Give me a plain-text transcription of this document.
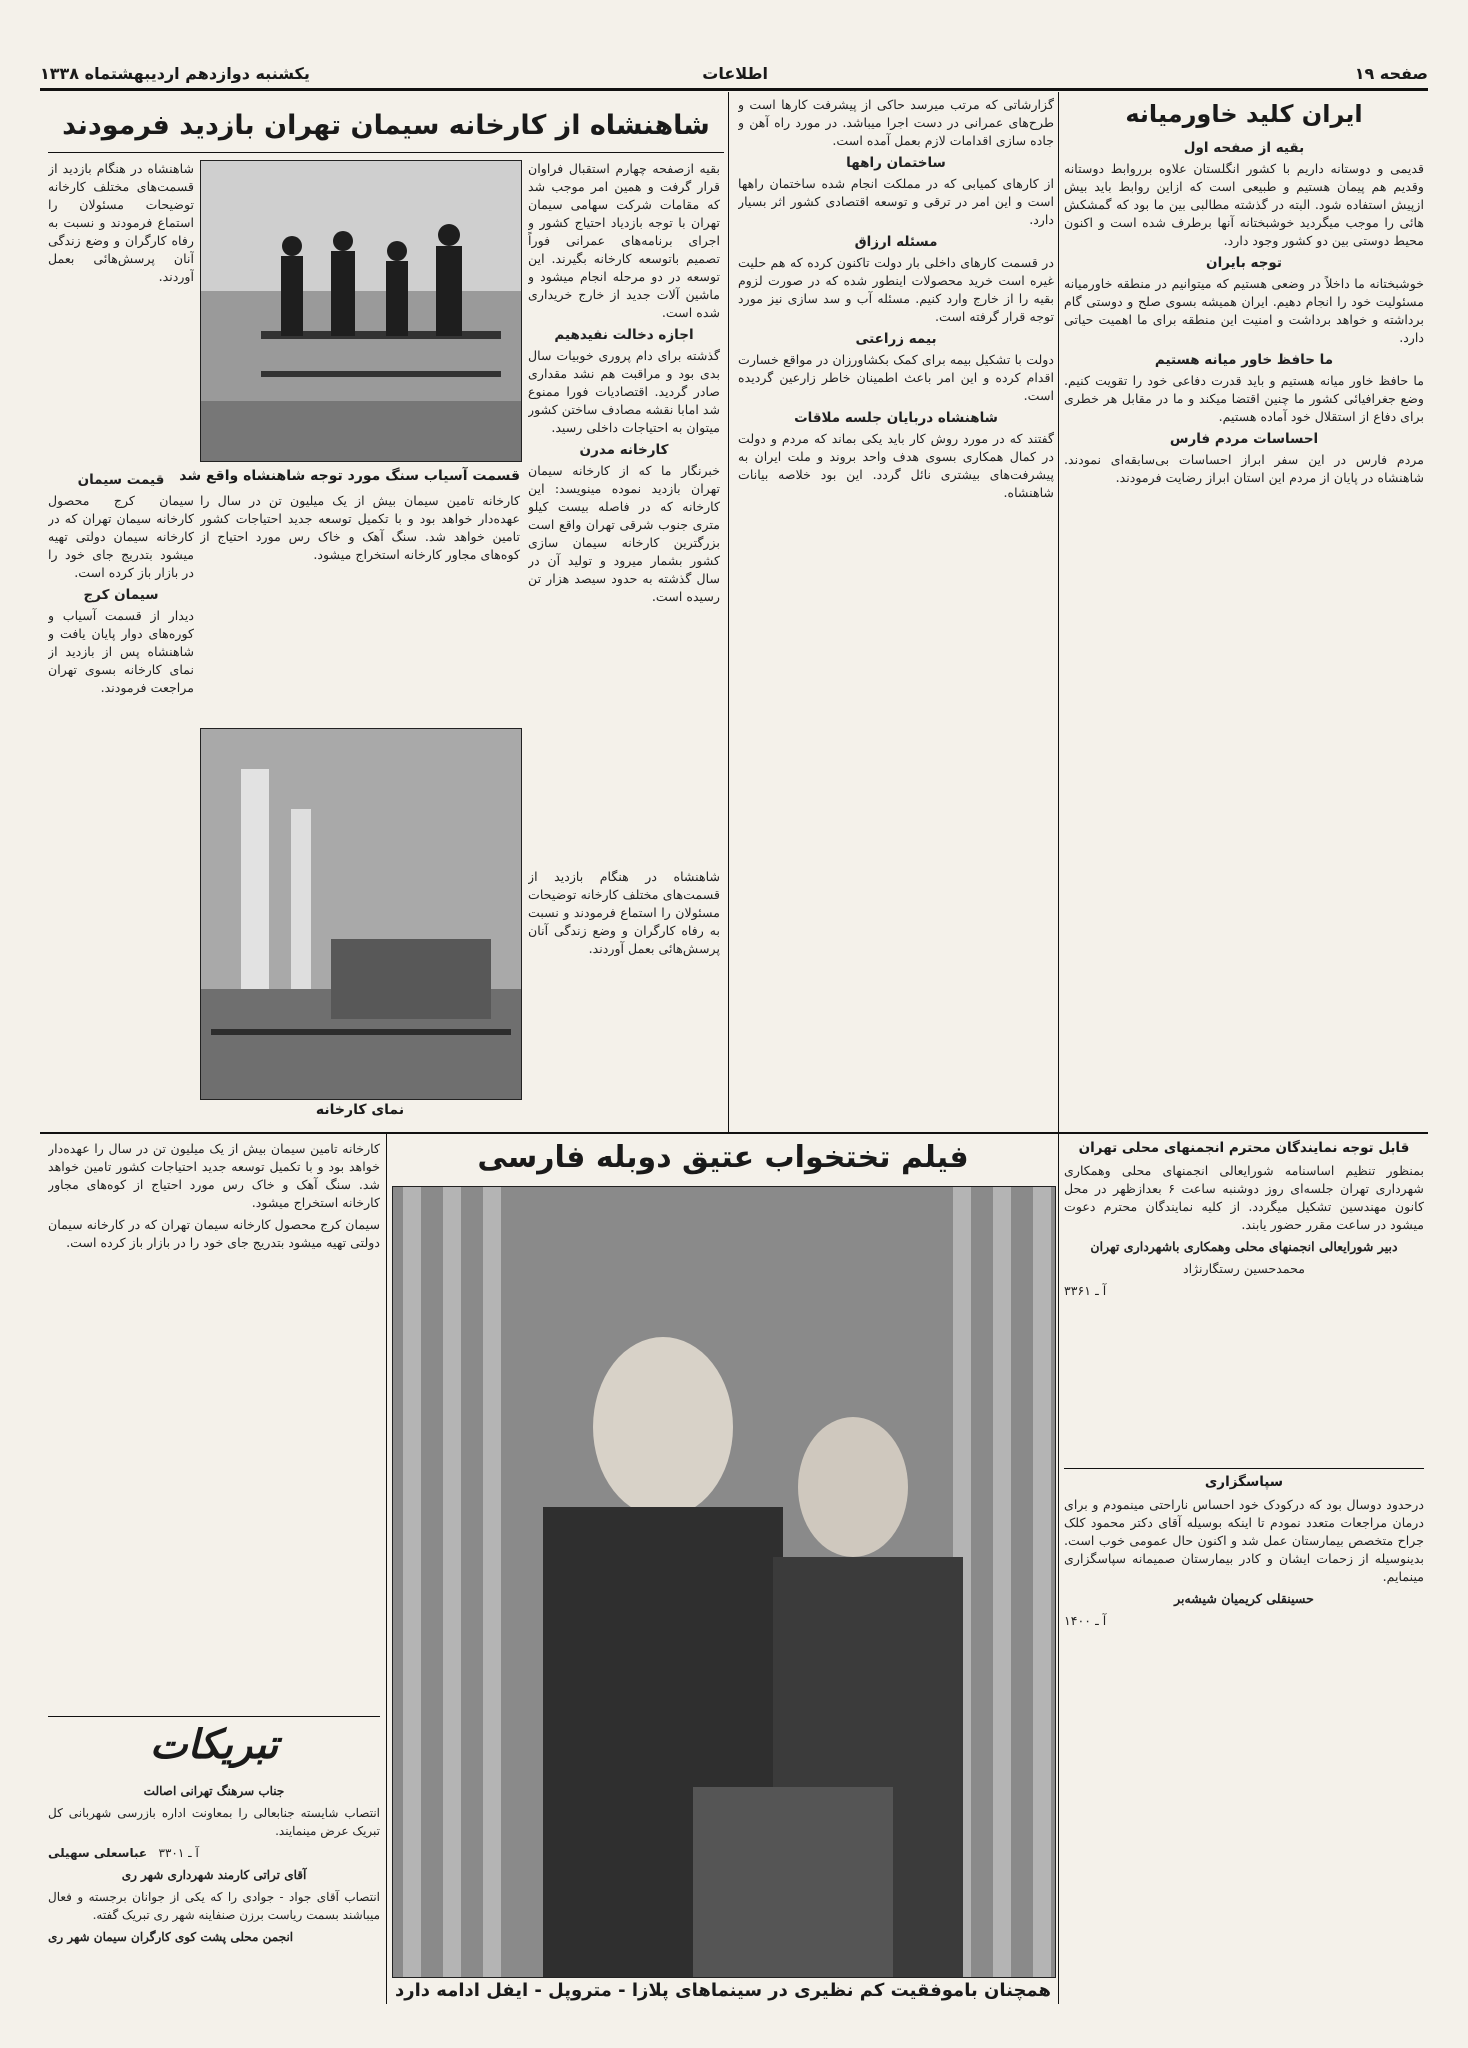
صفحه ۱۹
اطلاعات
یکشنبه دوازدهم اردیبهشتماه ۱۳۳۸
ایران کلید خاورمیانه
بقیه از صفحه اول

قدیمی و دوستانه داریم با کشور انگلستان علاوه برروابط دوستانه وقدیم هم پیمان هستیم و طبیعی است که ازاین روابط باید بیش ازپیش استفاده شود. البته در گذشته مطالبی بین ما بود که گمشکش هائی را موجب میگردید خوشبختانه آنها برطرف شده است و اکنون محیط دوستی بین دو کشور وجود دارد.

توجه بایران

خوشبختانه ما داخلاً در وضعی هستیم که میتوانیم در منطقه خاورمیانه مسئولیت خود را انجام دهیم. ایران همیشه بسوی صلح و دوستی گام برداشته و خواهد برداشت و امنیت این منطقه برای ما اهمیت حیاتی دارد.

ما حافظ خاور میانه هستیم

ما حافظ خاور میانه هستیم و باید قدرت دفاعی خود را تقویت کنیم. وضع جغرافیائی کشور ما چنین اقتضا میکند و ما در مقابل هر خطری برای دفاع از استقلال خود آماده هستیم.

احساسات مردم فارس

مردم فارس در این سفر ابراز احساسات بی‌سابقه‌ای نمودند. شاهنشاه در پایان از مردم این استان ابراز رضایت فرمودند.

گزارشاتی که مرتب میرسد حاکی از پیشرفت کارها است و طرح‌های عمرانی در دست اجرا میباشد. در مورد راه آهن و جاده سازی اقدامات لازم بعمل آمده است.

ساختمان راهها

از کارهای کمیابی که در مملکت انجام شده ساختمان راهها است و این امر در ترقی و توسعه اقتصادی کشور اثر بسیار دارد.

مسئله ارزاق

در قسمت کارهای داخلی بار دولت تاکنون کرده که هم حلیت غیره است خرید محصولات اینطور شده که در صورت لزوم بقیه را از خارج وارد کنیم. مسئله آب و سد سازی نیز مورد توجه قرار گرفته است.

بیمه زراعتی

دولت با تشکیل بیمه برای کمک بکشاورزان در مواقع خسارت اقدام کرده و این امر باعث اطمینان خاطر زارعین گردیده است.

شاهنشاه دربایان جلسه ملاقات

گفتند که در مورد روش کار باید یکی بماند که مردم و دولت در کمال همکاری بسوی هدف واحد بروند و ملت ایران به پیشرفت‌های بیشتری نائل گردد. این بود خلاصه بیانات شاهنشاه.

شاهنشاه از کارخانه سیمان تهران بازدید فرمودند

بقیه ازصفحه چهارم استقبال فراوان قرار گرفت و همین امر موجب شد که مقامات شرکت سهامی سیمان تهران با توجه بازدیاد احتیاج کشور و اجرای برنامه‌های عمرانی فوراً تصمیم باتوسعه کارخانه بگیرند. این توسعه در دو مرحله انجام میشود و ماشین آلات جدید از خارج خریداری شده است.

اجازه دخالت نفیدهیم

گذشته برای دام پروری خوبیات سال بدی بود و مراقبت هم نشد مقداری صادر گردید. اقتصادیات فورا ممنوع شد امابا نقشه مصادف ساختن کشور میتوان به احتیاجات داخلی رسید.

کارخانه مدرن

خبرنگار ما که از کارخانه سیمان تهران بازدید نموده مینویسد: این کارخانه که در فاصله بیست کیلو متری جنوب شرقی تهران واقع است بزرگترین کارخانه سیمان سازی کشور بشمار میرود و تولید آن در سال گذشته به حدود سیصد هزار تن رسیده است.

شاهنشاه در هنگام بازدید از قسمت‌های مختلف کارخانه توضیحات مسئولان را استماع فرمودند و نسبت به رفاه کارگران و وضع زندگی آنان پرسش‌هائی بعمل آوردند.

قسمت آسیاب سنگ مورد توجه شاهنشاه واقع شد

کارخانه تامین سیمان بیش از یک میلیون تن در سال را عهده‌دار خواهد بود و با تکمیل توسعه جدید احتیاجات کشور تامین خواهد شد. سنگ آهک و خاک رس مورد احتیاج از کوه‌های مجاور کارخانه استخراج میشود.

نمای کارخانه
قیمت سیمان

سیمان کرج محصول کارخانه سیمان تهران که در کارخانه سیمان دولتی تهیه میشود بتدریج جای خود را در بازار باز کرده است.

سیمان کرج

دیدار از قسمت آسیاب و کوره‌های دوار پایان یافت و شاهنشاه پس از بازدید از نمای کارخانه بسوی تهران مراجعت فرمودند.

شاهنشاه در هنگام بازدید از قسمت‌های مختلف کارخانه توضیحات مسئولان را استماع فرمودند و نسبت به رفاه کارگران و وضع زندگی آنان پرسش‌هائی بعمل آوردند.

قابل توجه نمایندگان محترم انجمنهای محلی تهران

بمنظور تنظیم اساسنامه شورایعالی انجمنهای محلی وهمکاری شهرداری تهران جلسه‌ای روز دوشنبه ساعت ۶ بعدازظهر در محل کانون مهندسین تشکیل میگردد. از کلیه نمایندگان محترم دعوت میشود در ساعت مقرر حضور یابند.

دبیر شورایعالی انجمنهای محلی وهمکاری باشهرداری تهران

محمدحسین رستگارنژاد

آ ـ ۳۳۶۱

سپاسگزاری

درحدود دوسال بود که درکودک خود احساس ناراحتی مینمودم و برای درمان مراجعات متعدد نمودم تا اینکه بوسیله آقای دکتر محمود کلک جراح متخصص بیمارستان عمل شد و اکنون حال عمومی خوب است. بدینوسیله از زحمات ایشان و کادر بیمارستان صمیمانه سپاسگزاری مینمایم.

حسینقلی کریمیان شیشه‌بر

آ ـ ۱۴۰۰

فیلم تختخواب عتیق دوبله فارسی
همچنان باموفقیت کم نظیری در سینماهای پلازا - متروپل - ایفل ادامه دارد

کارخانه تامین سیمان بیش از یک میلیون تن در سال را عهده‌دار خواهد بود و با تکمیل توسعه جدید احتیاجات کشور تامین خواهد شد. سنگ آهک و خاک رس مورد احتیاج از کوه‌های مجاور کارخانه استخراج میشود.

سیمان کرج محصول کارخانه سیمان تهران که در کارخانه سیمان دولتی تهیه میشود بتدریج جای خود را در بازار باز کرده است.

تبریکات

جناب سرهنگ تهرانی اصالت

انتصاب شایسته جنابعالی را بمعاونت اداره بازرسی شهربانی کل تبریک عرض مینمایند.

آ ـ ۳۳۰۱   عباسعلی سهیلی

آقای تراتی کارمند شهرداری شهر ری

انتصاب آقای جواد - جوادی را که یکی از جوانان برجسته و فعال میباشند بسمت ریاست برزن صنفاینه شهر ری تبریک گفته.

انجمن محلی پشت کوی کارگران سیمان شهر ری
